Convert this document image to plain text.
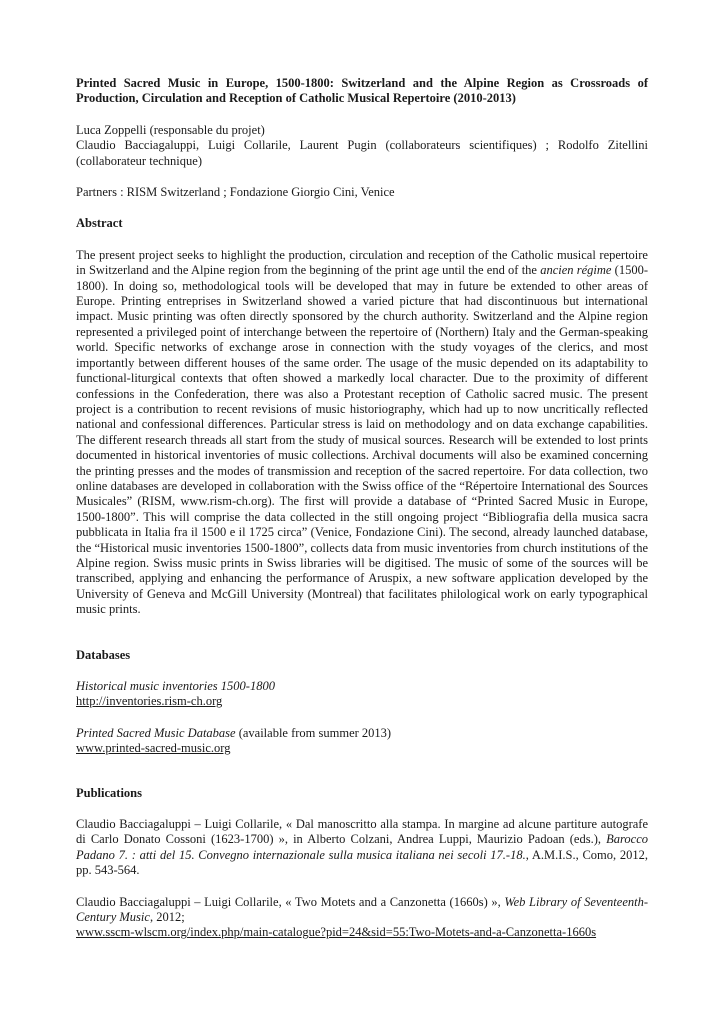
Printed Sacred Music in Europe, 1500-1800: Switzerland and the Alpine Region as Crossroads of Production, Circulation and Reception of Catholic Musical Repertoire (2010-2013)

Luca Zoppelli (responsable du projet)

Claudio Bacciagaluppi, Luigi Collarile, Laurent Pugin (collaborateurs scientifiques) ; Rodolfo Zitellini (collaborateur technique)

Partners : RISM Switzerland ; Fondazione Giorgio Cini, Venice

Abstract

The present project seeks to highlight the production, circulation and reception of the Catholic musical repertoire in Switzerland and the Alpine region from the beginning of the print age until the end of the ancien régime (1500-1800). In doing so, methodological tools will be developed that may in future be extended to other areas of Europe. Printing entreprises in Switzerland showed a varied picture that had discontinuous but international impact. Music printing was often directly sponsored by the church authority. Switzerland and the Alpine region represented a privileged point of interchange between the repertoire of (Northern) Italy and the German-speaking world. Specific networks of exchange arose in connection with the study voyages of the clerics, and most importantly between different houses of the same order. The usage of the music depended on its adaptability to functional-liturgical contexts that often showed a markedly local character. Due to the proximity of different confessions in the Confederation, there was also a Protestant reception of Catholic sacred music. The present project is a contribution to recent revisions of music historiography, which had up to now uncritically reflected national and confessional differences. Particular stress is laid on methodology and on data exchange capabilities. The different research threads all start from the study of musical sources. Research will be extended to lost prints documented in historical inventories of music collections. Archival documents will also be examined concerning the printing presses and the modes of transmission and reception of the sacred repertoire. For data collection, two online databases are developed in collaboration with the Swiss office of the “Répertoire International des Sources Musicales” (RISM, www.rism-ch.org). The first will provide a database of “Printed Sacred Music in Europe, 1500-1800”. This will comprise the data collected in the still ongoing project “Bibliografia della musica sacra pubblicata in Italia fra il 1500 e il 1725 circa” (Venice, Fondazione Cini). The second, already launched database, the “Historical music inventories 1500-1800”, collects data from music inventories from church institutions of the Alpine region. Swiss music prints in Swiss libraries will be digitised. The music of some of the sources will be transcribed, applying and enhancing the performance of Aruspix, a new software application developed by the University of Geneva and McGill University (Montreal) that facilitates philological work on early typographical music prints.

Databases

Historical music inventories 1500-1800

http://inventories.rism-ch.org

Printed Sacred Music Database (available from summer 2013)

www.printed-sacred-music.org

Publications

Claudio Bacciagaluppi – Luigi Collarile, « Dal manoscritto alla stampa. In margine ad alcune partiture autografe di Carlo Donato Cossoni (1623-1700) », in Alberto Colzani, Andrea Luppi, Maurizio Padoan (eds.), Barocco Padano 7. : atti del 15. Convegno internazionale sulla musica italiana nei secoli 17.-18., A.M.I.S., Como, 2012, pp. 543-564.
Claudio Bacciagaluppi – Luigi Collarile, « Two Motets and a Canzonetta (1660s) », Web Library of Seventeenth-Century Music, 2012;
www.sscm-wlscm.org/index.php/main-catalogue?pid=24&sid=55:Two-Motets-and-a-Canzonetta-1660s
